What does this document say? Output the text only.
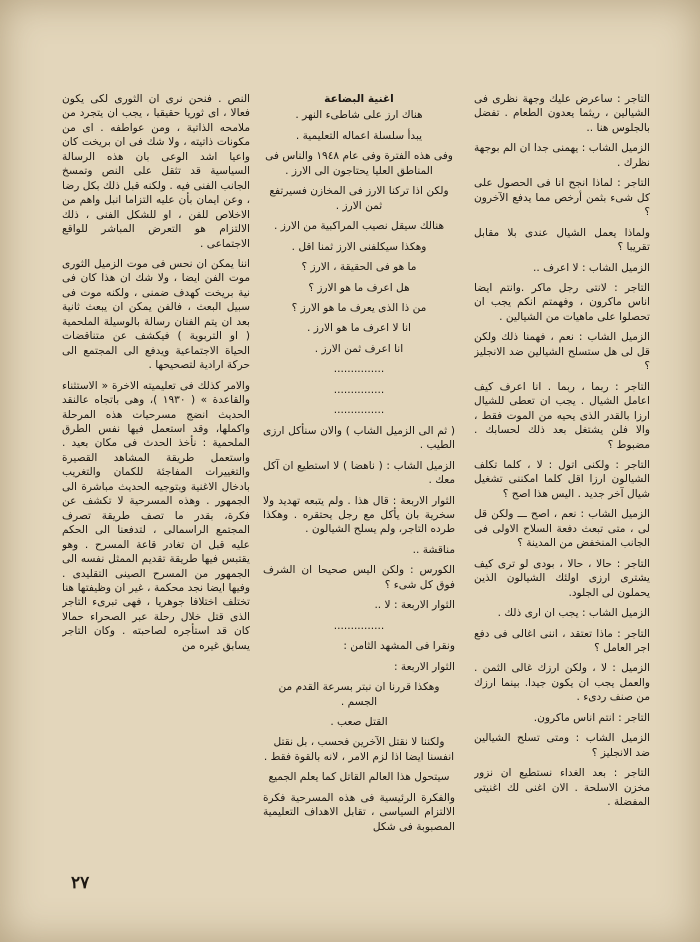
التاجر : ساعرض عليك وجهة نظرى فى الشيالين ، ريثما يعدون الطعام . تفضل بالجلوس هنا ..

الزميل الشاب : يهمنى جدا ان الم بوجهة نظرك .

التاجر : لماذا انجح انا فى الحصول على كل شىء بثمن أرخص مما يدفع الآخرون ؟

ولماذا يعمل الشيال عندى بلا مقابل تقريبا ؟

الزميل الشاب : لا اعرف ..

التاجر : لانتى رجل ماكر .وانتم ايضا اناس ماكرون ، وفهمتم انكم يجب ان تحصلوا على ماهيات من الشيالين .

الزميل الشاب : نعم ، فهمنا ذلك ولكن قل لى هل ستسلح الشيالين ضد الانجليز ؟

التاجر : ربما ، ربما . انا اعرف كيف اعامل الشيال . يجب ان تعطى للشيال ارزا بالقدر الذى يحيه من الموت فقط ، والا فلن يشتغل بعد ذلك لحسابك . مضبوط ؟

التاجر : ولكنى اتول : لا ، كلما تكلف الشيالون ارزا اقل كلما امكننى تشغيل شيال آخر جديد . اليس هذا اصح ؟

الزميل الشاب : نعم ، اصح ـــ ولكن قل لى ، متى تبعث دفعة السلاح الاولى فى الجانب المنخفض من المدينة ؟

التاجر : حالا ، حالا ، بودى لو ترى كيف يشترى ارزى اولئك الشيالون الذين يحملون لى الجلود.

الزميل الشاب : يجب ان ارى ذلك .

التاجر : ماذا تعتقد ، اننى اغالى فى دفع اجر العامل ؟

الزميل : لا ، ولكن ارزك غالى الثمن . والعمل يجب ان يكون جيدا. بينما ارزك من صنف ردىء .

التاجر : انتم اناس ماكرون.

الزميل الشاب : ومتى تسلح الشيالين ضد الانجليز ؟

التاجر : بعد الغداء نستطيع ان نزور مخزن الاسلحة . الان اغنى لك اغنيتى المفضلة .

اغنية البضاعة

هناك ارز على شاطىء النهر .

يبدأ سلسلة اعماله التعليمية .

وفى هذه الفترة وفى عام ١٩٤٨ والناس فى المناطق العليا يحتاجون الى الارز .

ولكن اذا تركنا الارز فى المخازن فسيرتفع ثمن الارز .

هنالك سيقل نصيب المراكبية من الارز .

وهكذا سيكلفنى الارز ثمنا اقل .

ما هو فى الحقيقة ، الارز ؟

هل اعرف ما هو الارز ؟

من ذا الذى يعرف ما هو الارز ؟

انا لا اعرف ما هو الارز .

انا اعرف ثمن الارز .

...............

...............

...............

( ثم الى الزميل الشاب ) والان سنأكل ارزى الطيب .

الزميل الشاب : ( ناهضا ) لا استطيع ان آكل معك .

الثوار الاربعة : قال هذا . ولم يتبعه تهديد ولا سخرية بان يأكل مع رجل يحتقره . وهكذا طرده التاجر، ولم يسلح الشيالون .

مناقشة ..

الكورس : ولكن اليس صحيحا ان الشرف فوق كل شىء ؟

الثوار الاربعة : لا ..

...............

ونقرا فى المشهد الثامن :

الثوار الاربعة :

وهكذا قررنا ان نبتر بسرعة القدم من الجسم .

القتل صعب .

ولكننا لا نقتل الآخرين فحسب ، بل نقتل انفسنا ايضا اذا لزم الامر ، لانه بالقوة فقط .

سيتحول هذا العالم القاتل كما يعلم الجميع

والفكرة الرئيسية فى هذه المسرحية فكرة الالتزام السياسى ، تقابل الاهداف التعليمية المصبوبة فى شكل

النص . فنحن نرى ان الثورى لكى يكون فعالا ، اى ثوريا حقيقيا ، يجب ان يتجرد من ملامحه الذاتية ، ومن عواطفه . اى من مكونات ذاتيته ، ولا شك فى ان بريخت كان واعيا اشد الوعى بان هذه الرسالة السياسية قد تثقل على النص وتمسخ الجانب الفنى فيه . ولكنه قبل ذلك بكل رضا ، وعن ايمان بأن عليه التزاما انبل واهم من الاخلاص للفن ، او للشكل الفنى ، ذلك الالتزام هو التعرض المباشر للواقع الاجتماعى .

اننا يمكن ان نحس فى موت الزميل الثورى موت الفن ايضا ، ولا شك ان هذا كان فى نية بريخت كهدف ضمنى ، ولكنه موت فى سبيل البعث ، فالفن يمكن ان يبعث ثانية بعد ان يتم الفنان رسالة بالوسيلة الملحمية ( او التربوية ) فيكشف عن متناقضات الحياة الاجتماعية ويدفع الى المجتمع الى حركة ارادية لتصحيحها .

والامر كذلك فى تعليميته الاخرة « الاستثناء والقاعدة » ( ١٩٣٠ )، وهى باتجاه عالنقد الحديث انضج مسرحيات هذه المرحلة واكملها، وقد استعمل فيها نفس الطرق الملحمية : نأخذ الحدث فى مكان بعيد . واستعمل طريقة المشاهد القصيرة والتغييرات المفاجئة للكمان والتغريب بادخال الاغنية وبتوجيه الحديث مباشرة الى الجمهور . وهذه المسرحية لا تكشف عن فكرة، بقدر ما تصف طريقة تصرف المجتمع الراسمالى ، لتدفعنا الى الحكم عليه قبل ان تغادر قاعة المسرح . وهو يقتبس فيها طريقة تقديم الممثل نفسه الى الجمهور من المسرح الصينى التقليدى . وفيها ايضا نجد محكمة ، غير ان وظيفتها هنا تختلف اختلافا جوهريا ، فهى تبرىء التاجر الذى قتل خلال رحلة عبر الصحراء حمالا كان قد استأجره لصاحبته . وكان التاجر يسابق غيره من

٢٧
